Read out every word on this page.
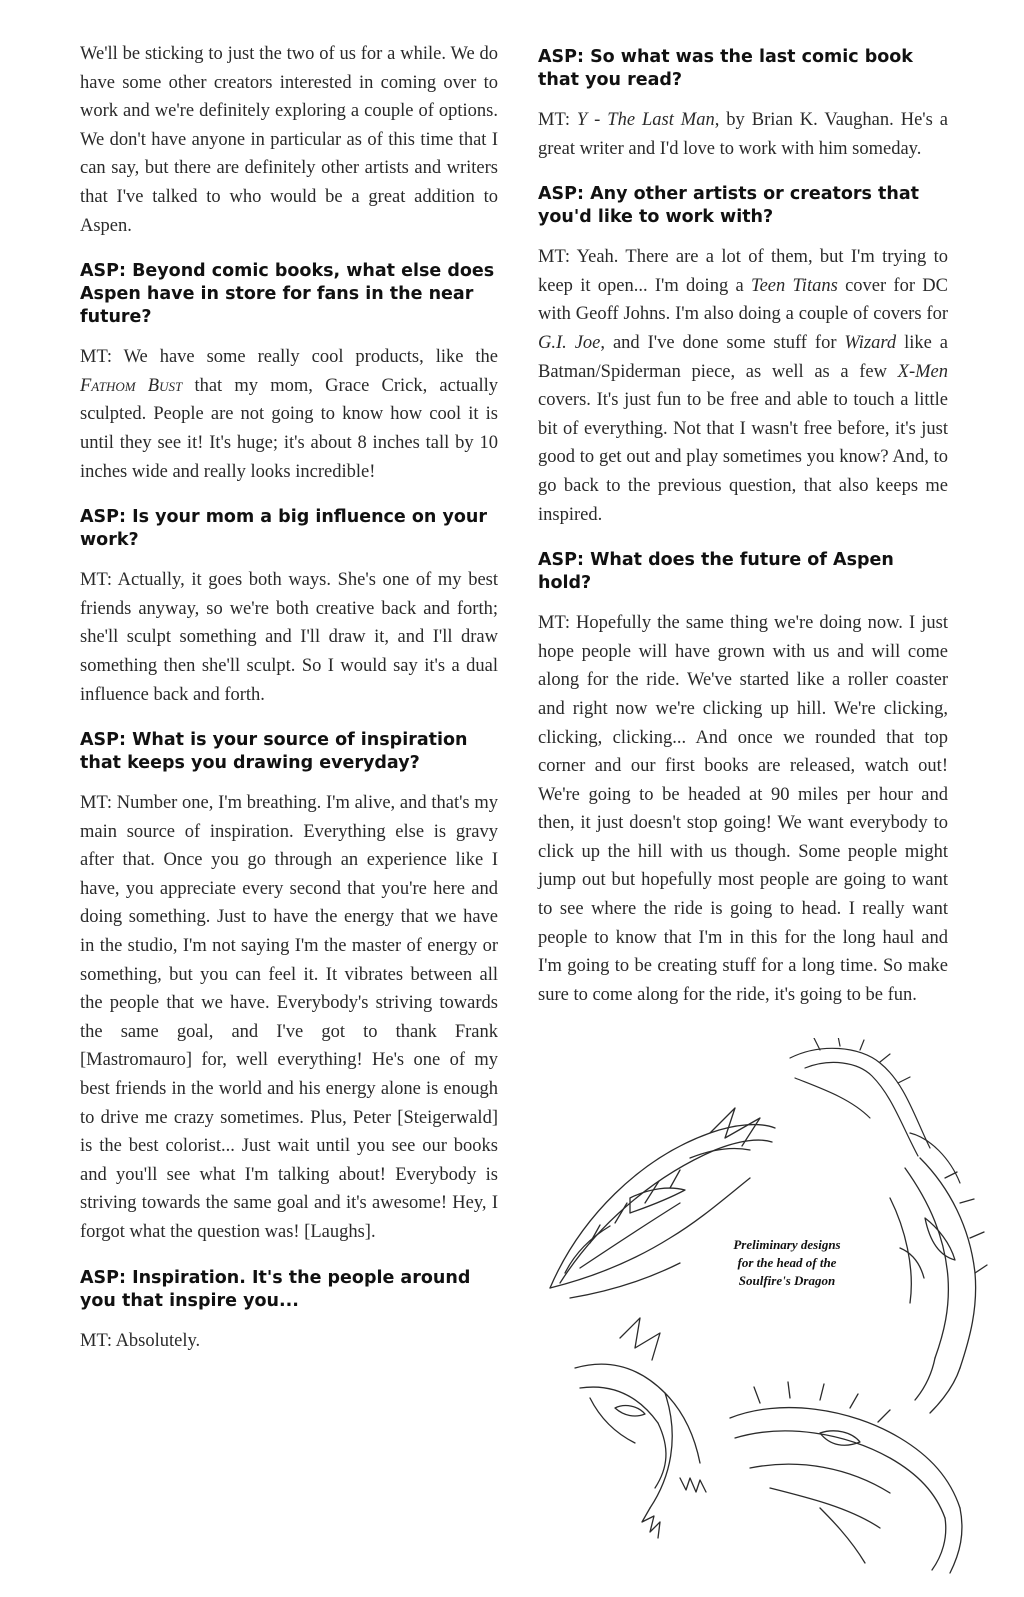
We'll be sticking to just the two of us for a while. We do have some other creators interested in coming over to work and we're definitely exploring a couple of options. We don't have anyone in particular as of this time that I can say, but there are definitely other artists and writers that I've talked to who would be a great addition to Aspen.

ASP: Beyond comic books, what else does Aspen have in store for fans in the near future?

MT: We have some really cool products, like the Fathom Bust that my mom, Grace Crick, actually sculpted. People are not going to know how cool it is until they see it! It's huge; it's about 8 inches tall by 10 inches wide and really looks incredible!

ASP: Is your mom a big influence on your work?

MT: Actually, it goes both ways. She's one of my best friends anyway, so we're both creative back and forth; she'll sculpt something and I'll draw it, and I'll draw something then she'll sculpt. So I would say it's a dual influence back and forth.

ASP: What is your source of inspiration that keeps you drawing everyday?

MT: Number one, I'm breathing. I'm alive, and that's my main source of inspiration. Everything else is gravy after that. Once you go through an experience like I have, you appreciate every second that you're here and doing something. Just to have the energy that we have in the studio, I'm not saying I'm the master of energy or something, but you can feel it. It vibrates between all the people that we have. Everybody's striving towards the same goal, and I've got to thank Frank [Mastromauro] for, well everything! He's one of my best friends in the world and his energy alone is enough to drive me crazy sometimes. Plus, Peter [Steigerwald] is the best colorist... Just wait until you see our books and you'll see what I'm talking about! Everybody is striving towards the same goal and it's awesome! Hey, I forgot what the question was! [Laughs].

ASP: Inspiration. It's the people around you that inspire you...

MT: Absolutely.

ASP: So what was the last comic book that you read?

MT: Y - The Last Man, by Brian K. Vaughan. He's a great writer and I'd love to work with him someday.

ASP: Any other artists or creators that you'd like to work with?

MT: Yeah. There are a lot of them, but I'm trying to keep it open... I'm doing a Teen Titans cover for DC with Geoff Johns. I'm also doing a couple of covers for G.I. Joe, and I've done some stuff for Wizard like a Batman/Spiderman piece, as well as a few X-Men covers. It's just fun to be free and able to touch a little bit of everything. Not that I wasn't free before, it's just good to get out and play sometimes you know? And, to go back to the previous question, that also keeps me inspired.

ASP: What does the future of Aspen hold?

MT: Hopefully the same thing we're doing now. I just hope people will have grown with us and will come along for the ride. We've started like a roller coaster and right now we're clicking up hill. We're clicking, clicking, clicking... And once we rounded that top corner and our first books are released, watch out! We're going to be headed at 90 miles per hour and then, it just doesn't stop going! We want everybody to click up the hill with us though. Some people might jump out but hopefully most people are going to want to see where the ride is going to head. I really want people to know that I'm in this for the long haul and I'm going to be creating stuff for a long time. So make sure to come along for the ride, it's going to be fun.

Preliminary designs
for the head of the
Soulfire's Dragon
